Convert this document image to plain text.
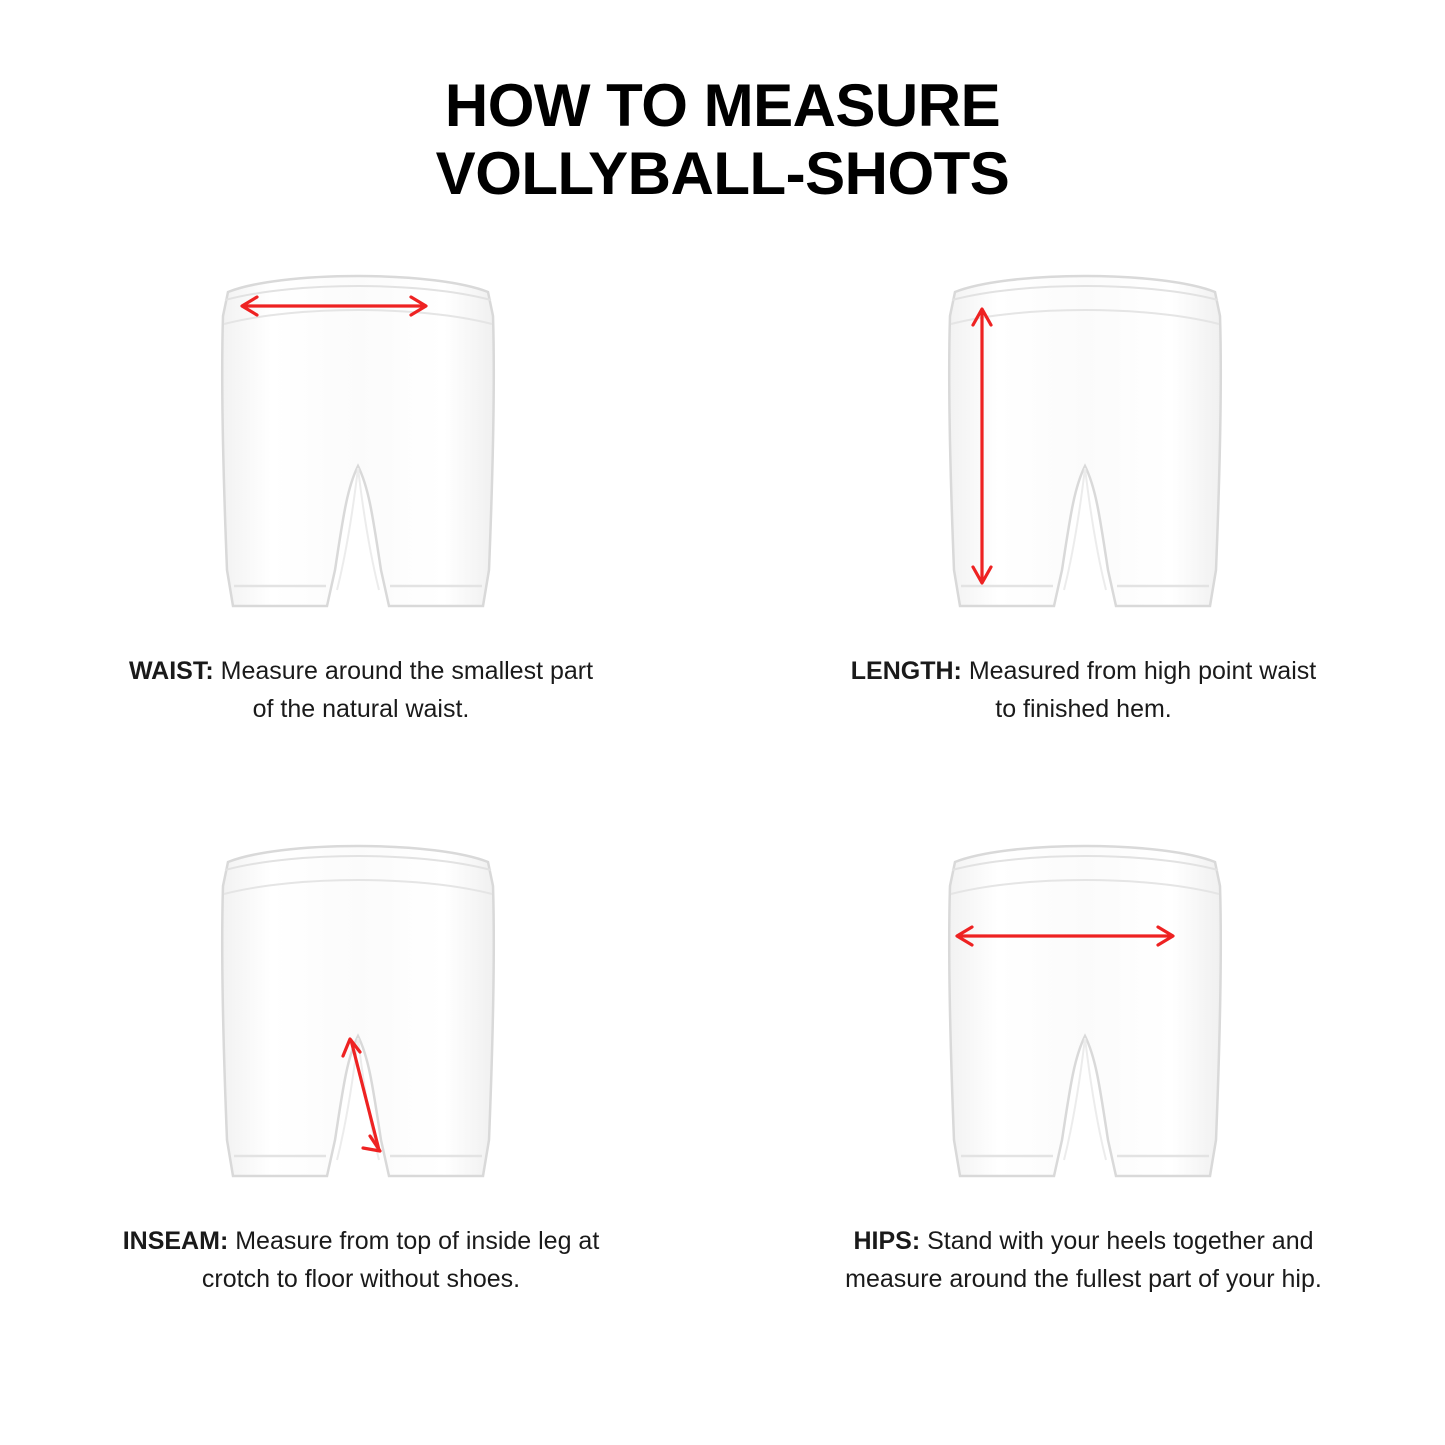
HOW TO MEASURE
VOLLYBALL-SHOTS
WAIST: Measure around the smallest part of the natural waist.
LENGTH: Measured from high point waist to finished hem.
INSEAM: Measure from top of inside leg at crotch to floor without shoes.
HIPS: Stand with your heels together and measure around the fullest part of your hip.
